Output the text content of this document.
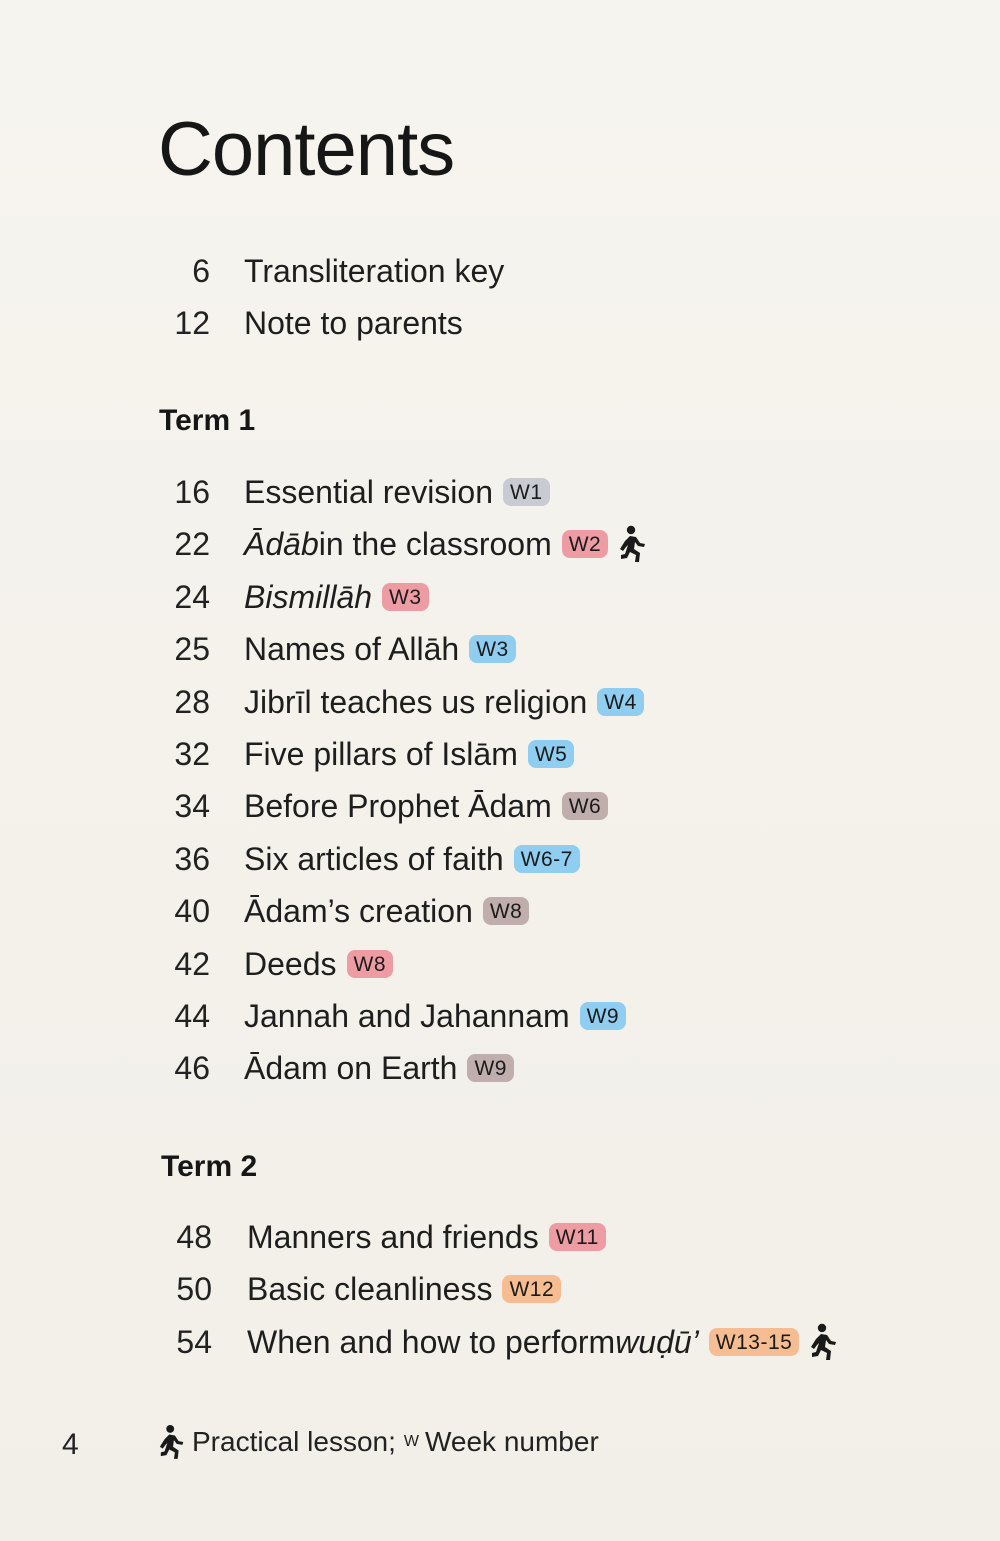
Contents
6 Transliteration key
12 Note to parents
Term 1
16 Essential revision W1
22 Ādāb in the classroom W2
24 Bismillāh W3
25 Names of Allāh W3
28 Jibrīl teaches us religion W4
32 Five pillars of Islām W5
34 Before Prophet Ādam W6
36 Six articles of faith W6-7
40 Ādam’s creation W8
42 Deeds W8
44 Jannah and Jahannam W9
46 Ādam on Earth W9
Term 2
48 Manners and friends W11
50 Basic cleanliness W12
54 When and how to perform wuḍū’ W13-15
4	Practical lesson; W Week number
